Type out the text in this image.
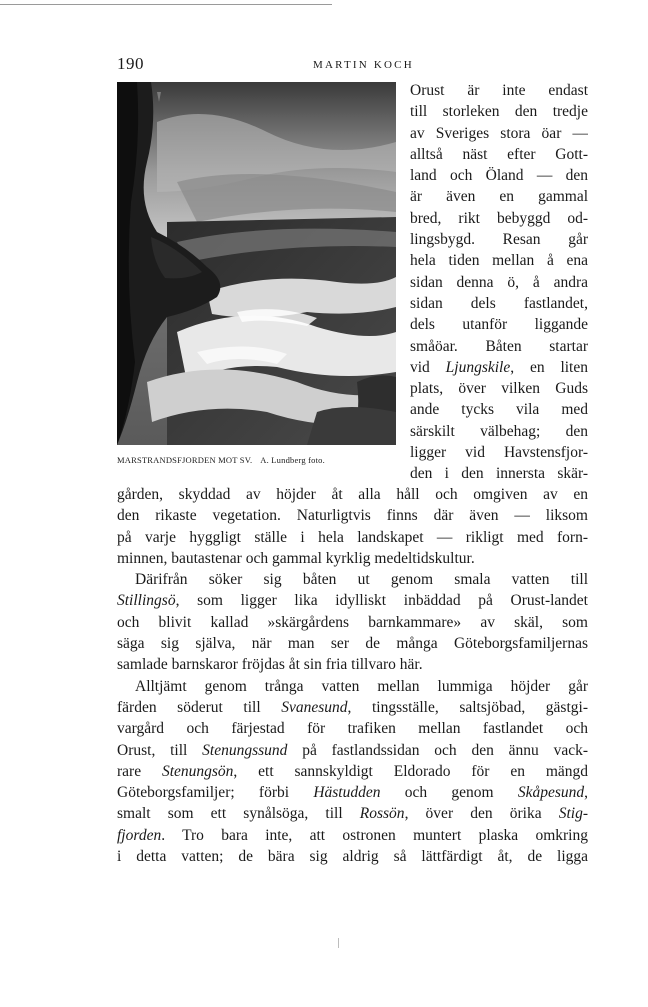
190	MARTIN KOCH
MARSTRANDSFJORDEN MOT SV. A. Lundberg foto.
Orust är inte endast
till storleken den tredje
av Sveriges stora öar —
alltså näst efter Gott-
land och Öland — den
är även en gammal
bred, rikt bebyggd od-
lingsbygd. Resan går
hela tiden mellan å ena
sidan denna ö, å andra
sidan dels fastlandet,
dels utanför liggande
småöar. Båten startar
vid Ljungskile, en liten
plats, över vilken Guds
ande tycks vila med
särskilt välbehag; den
ligger vid Havstensfjor-
den i den innersta skär-
gården, skyddad av höjder åt alla håll och omgiven av en
den rikaste vegetation. Naturligtvis finns där även — liksom
på varje hyggligt ställe i hela landskapet — rikligt med forn-
minnen, bautastenar och gammal kyrklig medeltidskultur.
Därifrån söker sig båten ut genom smala vatten till
Stillingsö, som ligger lika idylliskt inbäddad på Orust-landet
och blivit kallad »skärgårdens barnkammare» av skäl, som
säga sig själva, när man ser de många Göteborgsfamiljernas
samlade barnskaror fröjdas åt sin fria tillvaro här.
Alltjämt genom trånga vatten mellan lummiga höjder går
färden söderut till Svanesund, tingsställe, saltsjöbad, gästgi-
vargård och färjestad för trafiken mellan fastlandet och
Orust, till Stenungssund på fastlandssidan och den ännu vack-
rare Stenungsön, ett sannskyldigt Eldorado för en mängd
Göteborgsfamiljer; förbi Hästudden och genom Skåpesund,
smalt som ett synålsöga, till Rossön, över den örika Stig-
fjorden. Tro bara inte, att ostronen muntert plaska omkring
i detta vatten; de bära sig aldrig så lättfärdigt åt, de ligga
